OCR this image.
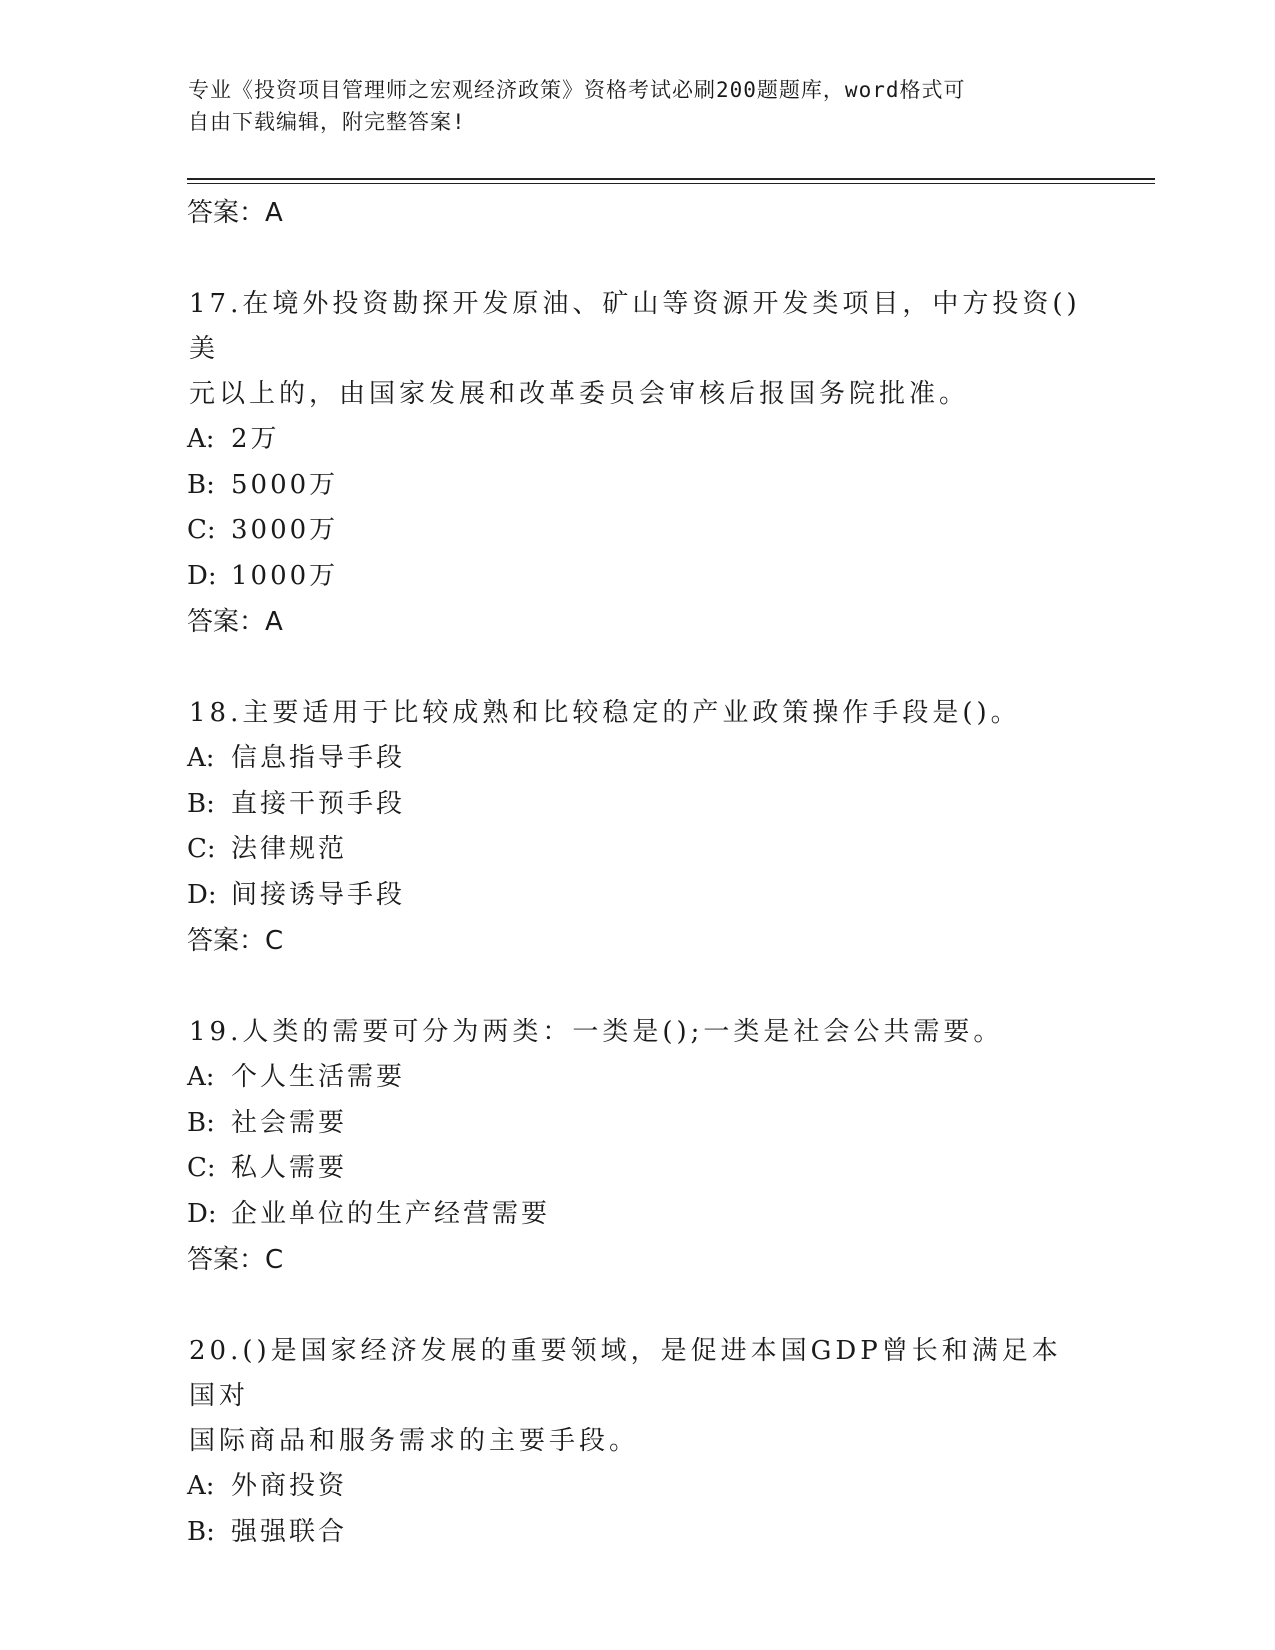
专业《投资项目管理师之宏观经济政策》资格考试必刷200题题库，word格式可
自由下载编辑，附完整答案!
答案：A
17.在境外投资勘探开发原油、矿山等资源开发类项目，中方投资()美
元以上的，由国家发展和改革委员会审核后报国务院批准。
A: 2万
B: 5000万
C: 3000万
D: 1000万
答案：A
18.主要适用于比较成熟和比较稳定的产业政策操作手段是()。
A: 信息指导手段
B: 直接干预手段
C: 法律规范
D: 间接诱导手段
答案：C
19.人类的需要可分为两类：一类是();一类是社会公共需要。
A: 个人生活需要
B: 社会需要
C: 私人需要
D: 企业单位的生产经营需要
答案：C
20.()是国家经济发展的重要领域，是促进本国GDP曾长和满足本国对
国际商品和服务需求的主要手段。
A: 外商投资
B: 强强联合
